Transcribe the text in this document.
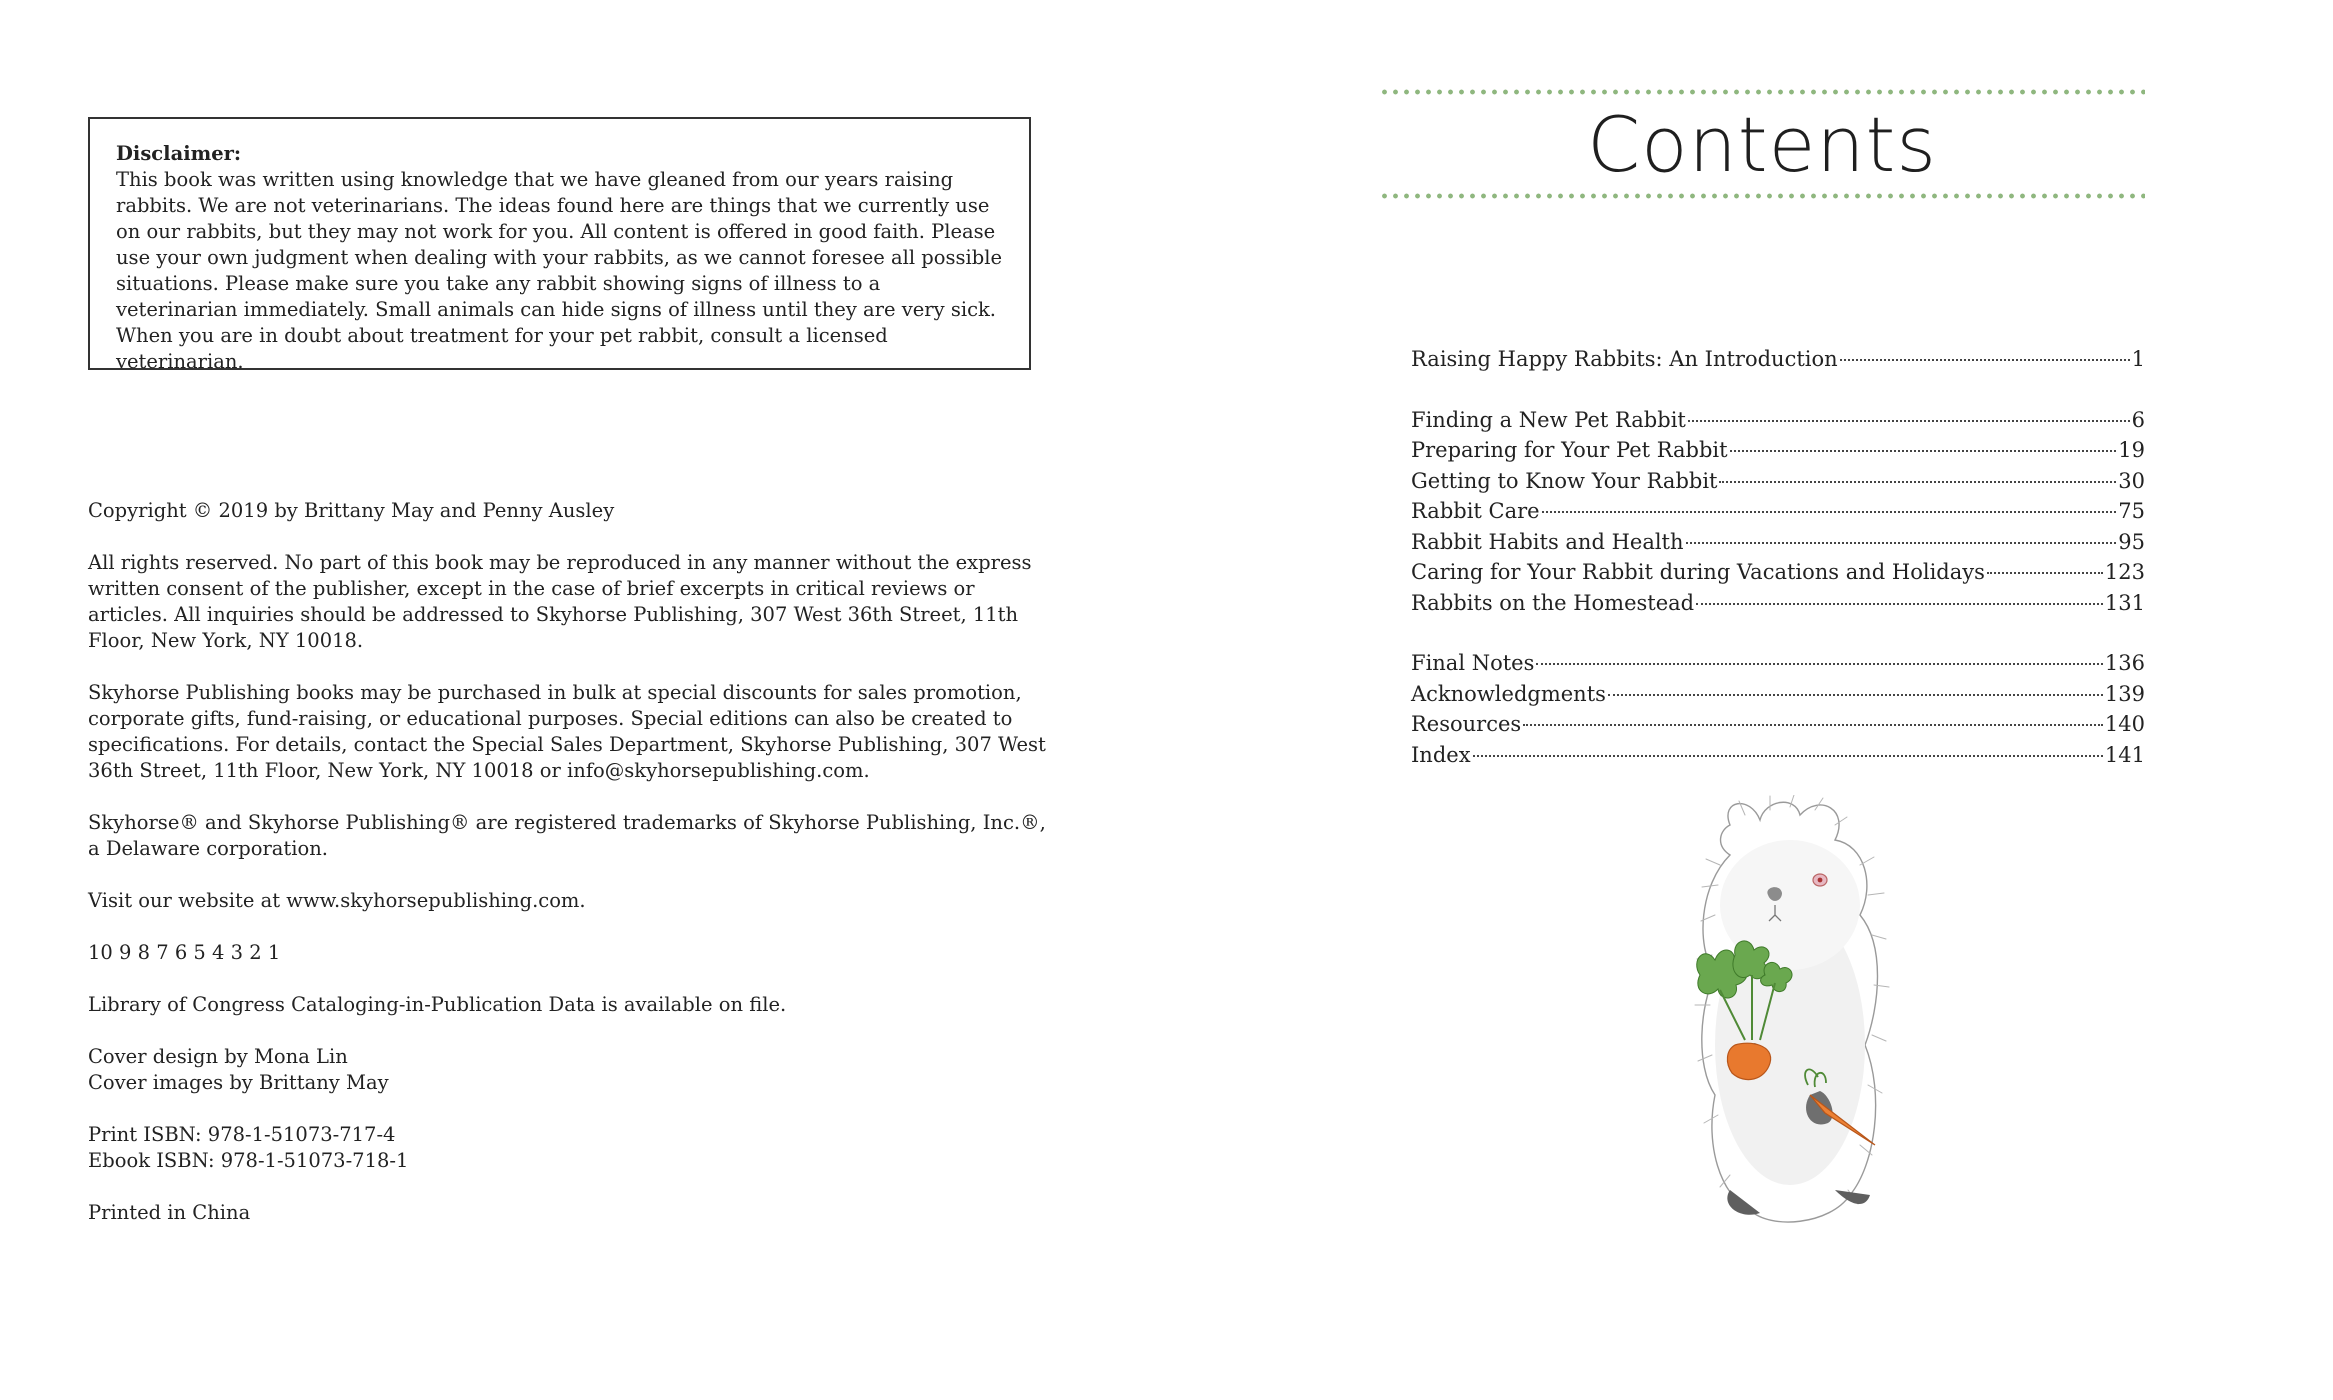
Disclaimer:
This book was written using knowledge that we have gleaned from our years raising rabbits. We are not veterinarians. The ideas found here are things that we currently use on our rabbits, but they may not work for you. All content is offered in good faith. Please use your own judgment when dealing with your rabbits, as we cannot foresee all possible situations. Please make sure you take any rabbit showing signs of illness to a veterinarian immediately. Small animals can hide signs of illness until they are very sick. When you are in doubt about treatment for your pet rabbit, consult a licensed veterinarian.

Copyright © 2019 by Brittany May and Penny Ausley

All rights reserved. No part of this book may be reproduced in any manner without the express written consent of the publisher, except in the case of brief excerpts in critical reviews or articles. All inquiries should be addressed to Skyhorse Publishing, 307 West 36th Street, 11th Floor, New York, NY 10018.

Skyhorse Publishing books may be purchased in bulk at special discounts for sales promotion, corporate gifts, fund-raising, or educational purposes. Special editions can also be created to specifications. For details, contact the Special Sales Department, Skyhorse Publishing, 307 West 36th Street, 11th Floor, New York, NY 10018 or info@skyhorsepublishing.com.

Skyhorse® and Skyhorse Publishing® are registered trademarks of Skyhorse Publishing, Inc.®, a Delaware corporation.

Visit our website at www.skyhorsepublishing.com.

10 9 8 7 6 5 4 3 2 1

Library of Congress Cataloging-in-Publication Data is available on file.

Cover design by Mona Lin
Cover images by Brittany May

Print ISBN: 978-1-51073-717-4
Ebook ISBN: 978-1-51073-718-1

Printed in China

Contents
Raising Happy Rabbits: An Introduction	1
Finding a New Pet Rabbit	6
Preparing for Your Pet Rabbit	19
Getting to Know Your Rabbit	30
Rabbit Care	75
Rabbit Habits and Health	95
Caring for Your Rabbit during Vacations and Holidays	123
Rabbits on the Homestead	131
Final Notes	136
Acknowledgments	139
Resources	140
Index	141
